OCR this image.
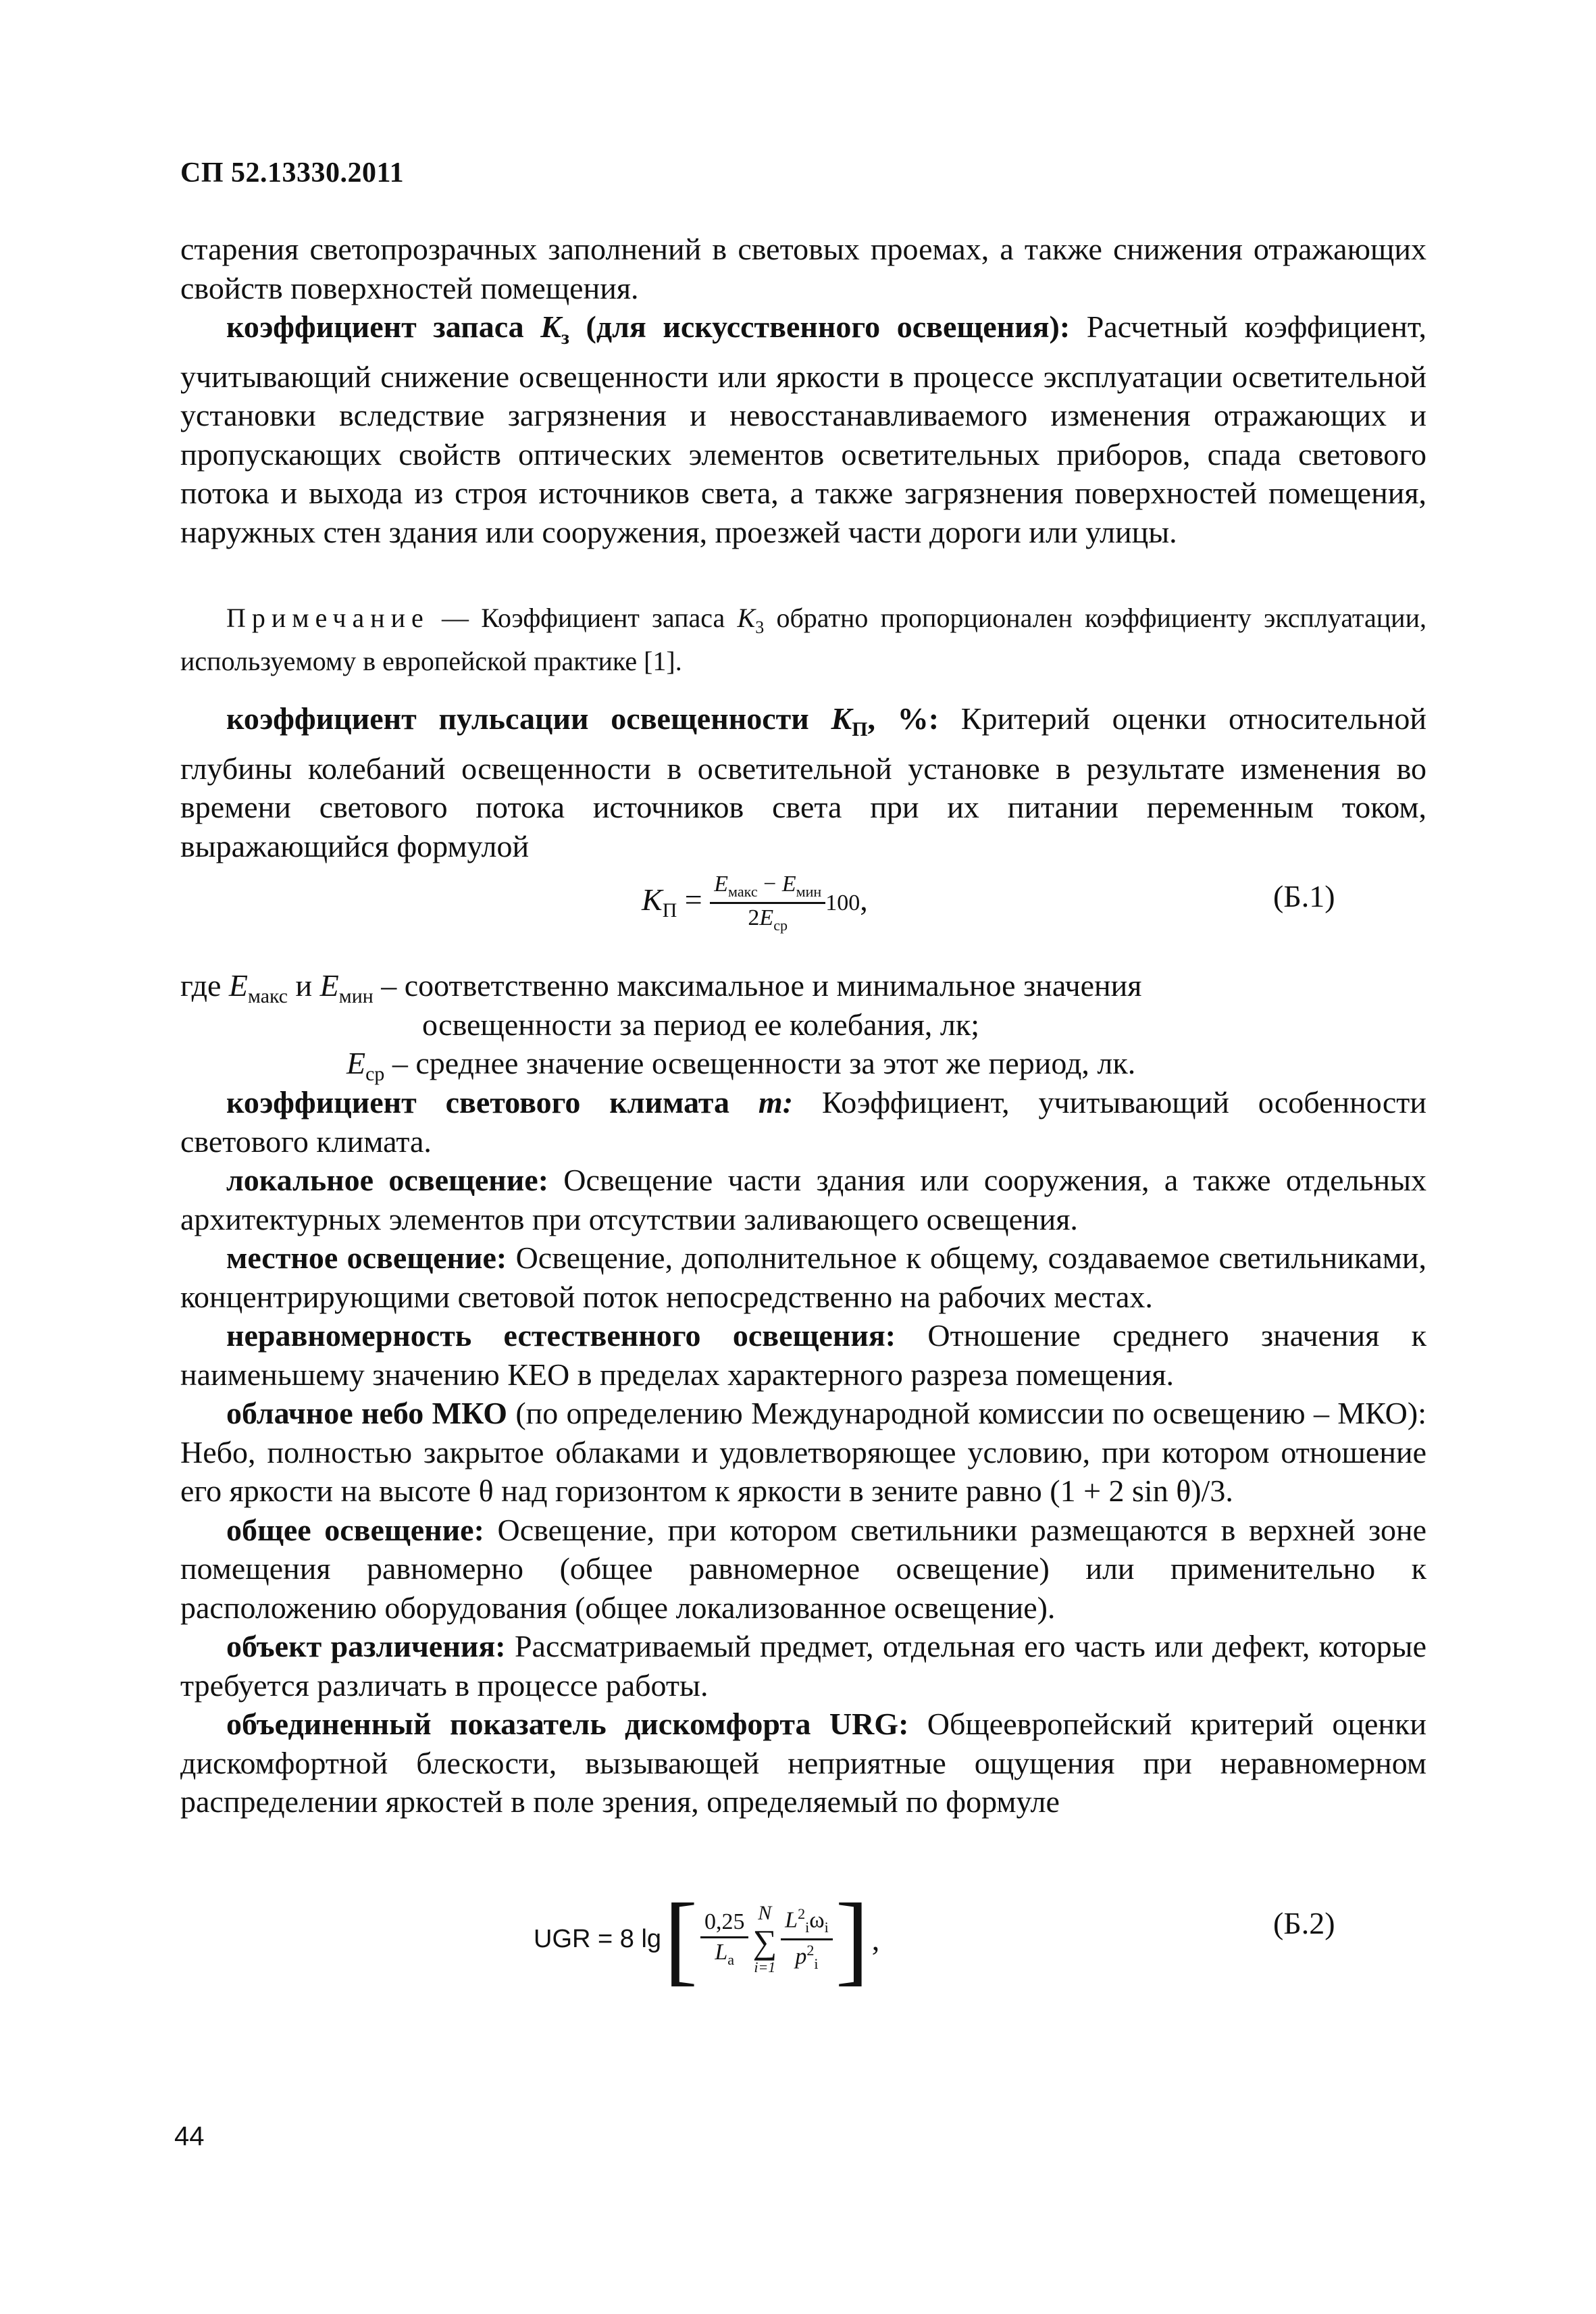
СП 52.13330.2011

старения светопрозрачных заполнений в световых проемах, а также снижения отражающих свойств поверхностей помещения.

коэффициент запаса $K_з$ (для искусственного освещения): Расчетный коэффициент, учитывающий снижение освещенности или яркости в процессе эксплуатации осветительной установки вследствие загрязнения и невосстанавливаемого изменения отражающих и пропускающих свойств оптических элементов осветительных приборов, спада светового потока и выхода из строя источников света, а также загрязнения поверхностей помещения, наружных стен здания или сооружения, проезжей части дороги или улицы.

Примечание — Коэффициент запаса $K_3$ обратно пропорционален коэффициенту эксплуатации, используемому в европейской практике [1].

коэффициент пульсации освещенности $K_П$, %: Критерий оценки относительной глубины колебаний освещенности в осветительной установке в результате изменения во времени светового потока источников света при их питании переменным током, выражающийся формулой

$K_П = \frac{E_{макс} - E_{мин}}{2E_{ср}} 100$,	(Б.1)
где $E_{макс}$ и $E_{мин}$ – соответственно максимальное и минимальное значения
освещенности за период ее колебания, лк;
$E_{ср}$ – среднее значение освещенности за этот же период, лк.

коэффициент светового климата m: Коэффициент, учитывающий особенности светового климата.

локальное освещение: Освещение части здания или сооружения, а также отдельных архитектурных элементов при отсутствии заливающего освещения.

местное освещение: Освещение, дополнительное к общему, создаваемое светильниками, концентрирующими световой поток непосредственно на рабочих местах.

неравномерность естественного освещения: Отношение среднего значения к наименьшему значению КЕО в пределах характерного разреза помещения.

облачное небо МКО (по определению Международной комиссии по освещению – МКО): Небо, полностью закрытое облаками и удовлетворяющее условию, при котором отношение его яркости на высоте θ над горизонтом к яркости в зените равно (1 + 2 sin θ)/3.

общее освещение: Освещение, при котором светильники размещаются в верхней зоне помещения равномерно (общее равномерное освещение) или применительно к расположению оборудования (общее локализованное освещение).

объект различения: Рассматриваемый предмет, отдельная его часть или дефект, которые требуется различать в процессе работы.

объединенный показатель дискомфорта URG: Общеевропейский критерий оценки дискомфортной блескости, вызывающей неприятные ощущения при неравномерном распределении яркостей в поле зрения, определяемый по формуле

UGR = 8 lg [ $\frac{0,25}{L_a}$ N
∑
$i=1 \frac{L^2_i\omega_i}{p^2_i}$ ] ,	(Б.2)
44
